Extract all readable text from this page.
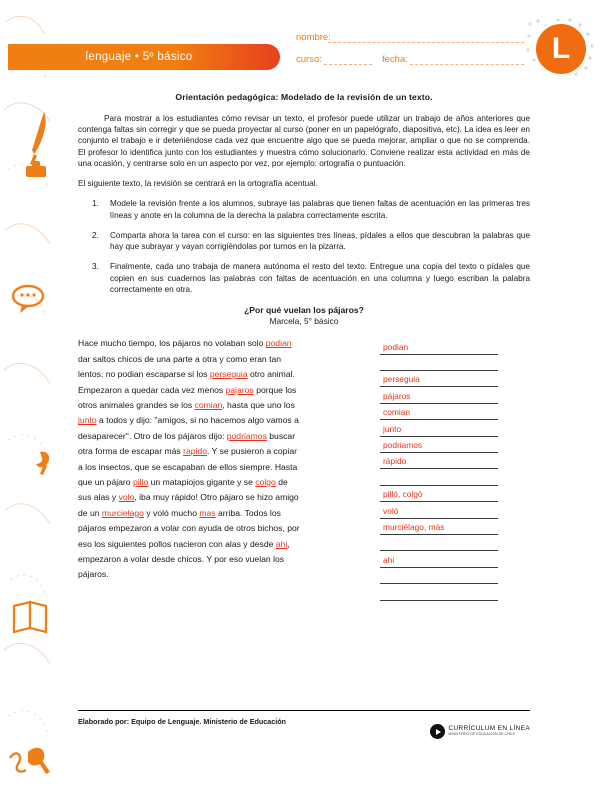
lenguaje • 5º básico
nombre:
curso:	fecha:	L
Orientación pedagógica: Modelado de la revisión de un texto.

Para mostrar a los estudiantes cómo revisar un texto, el profesor puede utilizar un trabajo de años anteriores que contenga faltas sin corregir y que se pueda proyectar al curso (poner en un papelógrafo, diapositiva, etc). La idea es leer en conjunto el trabajo e ir deteniéndose cada vez que encuentre algo que se pueda mejorar, ampliar o que no se comprenda. El profesor lo identifica junto con los estudiantes y muestra cómo solucionarlo. Conviene realizar esta actividad en más de una ocasión, y centrarse solo en un aspecto por vez, por ejemplo: ortografía o puntuación.

El siguiente texto, la revisión se centrará en la ortografía acentual.

1. Modele la revisión frente a los alumnos, subraye las palabras que tienen faltas de acentuación en las primeras tres líneas y anote en la columna de la derecha la palabra correctamente escrita.
2. Comparta ahora la tarea con el curso: en las siguientes tres líneas, pídales a ellos que descubran la palabras que hay que subrayar y vayan corrigiéndolas por turnos en la pizarra.
3. Finalmente, cada uno trabaja de manera autónoma el resto del texto. Entregue una copia del texto o pídales que copien en sus cuadernos las palabras con faltas de acentuación en una columna y luego escriban la palabra correctamente en otra.
¿Por qué vuelan los pájaros?
Marcela, 5° básico
Hace mucho tiempo, los pájaros no volaban solo podian
dar saltos chicos de una parte a otra y como eran tan
lentos, no podian escaparse si los perseguia otro animal.
Empezaron a quedar cada vez menos pajaros porque los
otros animales grandes se los comian, hasta que uno los
junto a todos y dijo: "amigos, si no hacemos algo vamos a
desaparecer". Otro de los pájaros dijo: podriamos buscar
otra forma de escapar más rapido. Y se pusieron a copiar
a los insectos, que se escapaban de ellos siempre. Hasta
que un pájaro pillo un matapiojos gigante y se colgo de
sus alas y volo, iba muy rápido! Otro pájaro se hizo amigo
de un murcielago y voló mucho mas arriba. Todos los
pájaros empezaron a volar con ayuda de otros bichos, por
eso los siguientes pollos nacieron con alas y desde ahi,
empezaron a volar desde chicos. Y por eso vuelan los
pájaros.
podian
perseguia
pájaros
comian
junto
podriamos
rápido
pilló, colgó
voló
murciélago, más
ahi
Elaborado por: Equipo de Lenguaje. Ministerio de Educación
CURRÍCULUM EN LÍNEA
MINISTERIO DE EDUCACIÓN DE CHILE
